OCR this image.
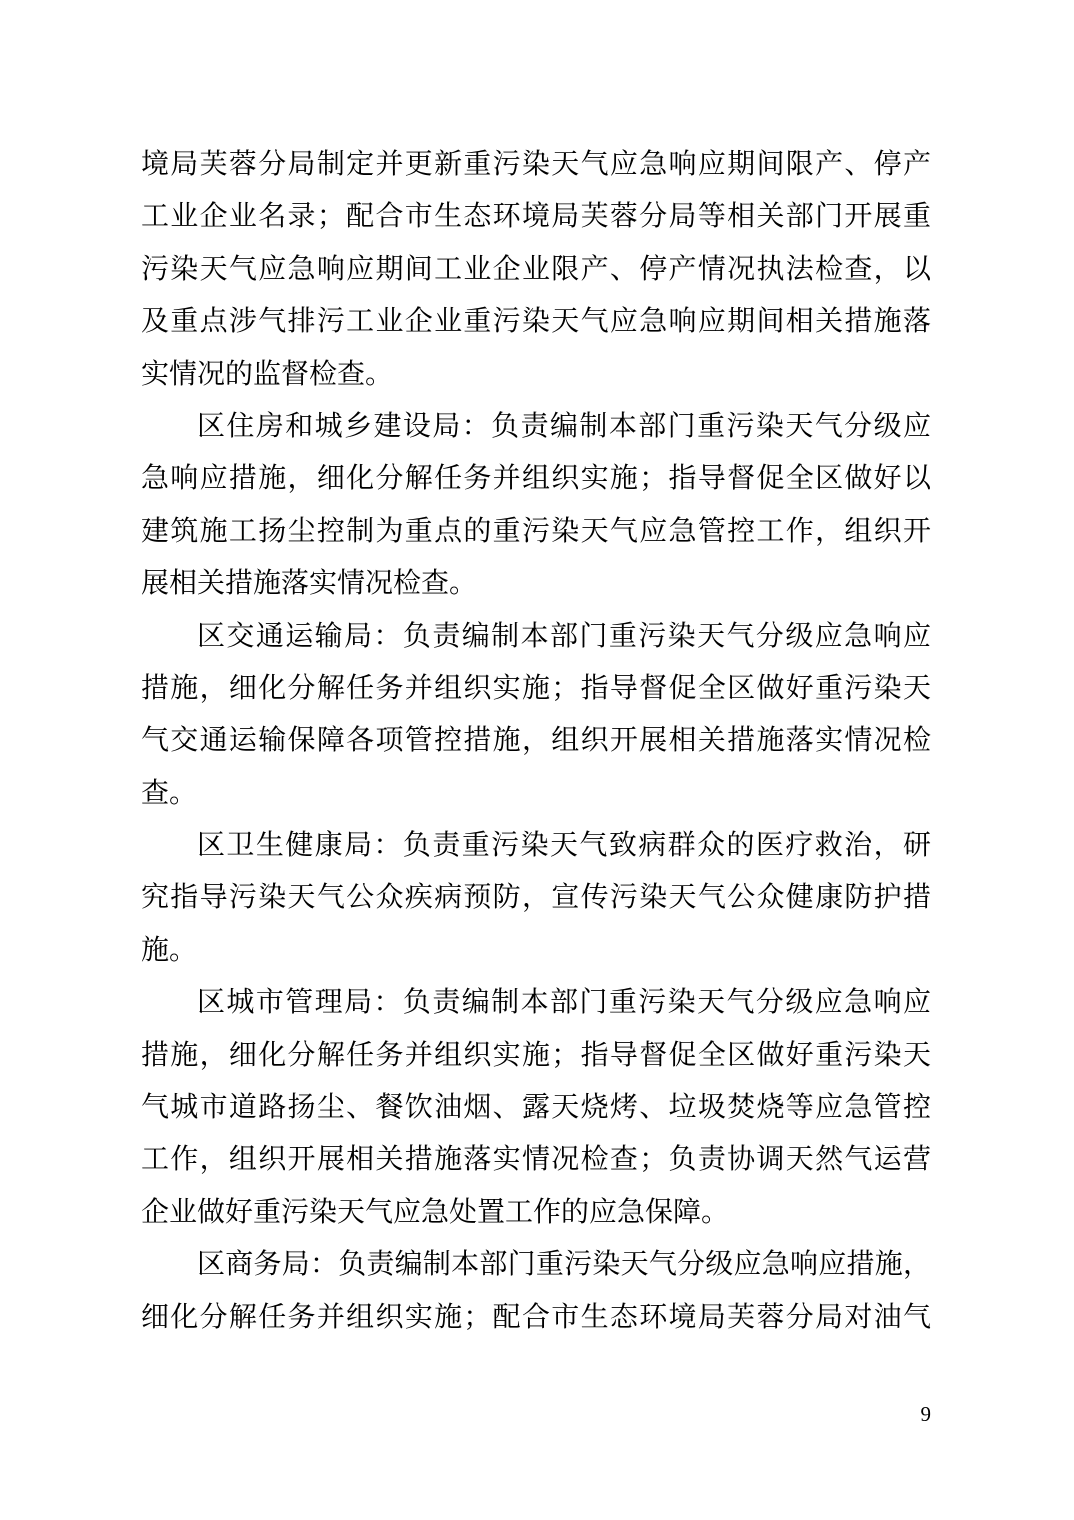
境局芙蓉分局制定并更新重污染天气应急响应期间限产、停产
工业企业名录；配合市生态环境局芙蓉分局等相关部门开展重
污染天气应急响应期间工业企业限产、停产情况执法检查，以
及重点涉气排污工业企业重污染天气应急响应期间相关措施落
实情况的监督检查。
区住房和城乡建设局：负责编制本部门重污染天气分级应
急响应措施，细化分解任务并组织实施；指导督促全区做好以
建筑施工扬尘控制为重点的重污染天气应急管控工作，组织开
展相关措施落实情况检查。
区交通运输局：负责编制本部门重污染天气分级应急响应
措施，细化分解任务并组织实施；指导督促全区做好重污染天
气交通运输保障各项管控措施，组织开展相关措施落实情况检
查。
区卫生健康局：负责重污染天气致病群众的医疗救治，研
究指导污染天气公众疾病预防，宣传污染天气公众健康防护措
施。
区城市管理局：负责编制本部门重污染天气分级应急响应
措施，细化分解任务并组织实施；指导督促全区做好重污染天
气城市道路扬尘、餐饮油烟、露天烧烤、垃圾焚烧等应急管控
工作，组织开展相关措施落实情况检查；负责协调天然气运营
企业做好重污染天气应急处置工作的应急保障。
区商务局：负责编制本部门重污染天气分级应急响应措施，
细化分解任务并组织实施；配合市生态环境局芙蓉分局对油气
9
